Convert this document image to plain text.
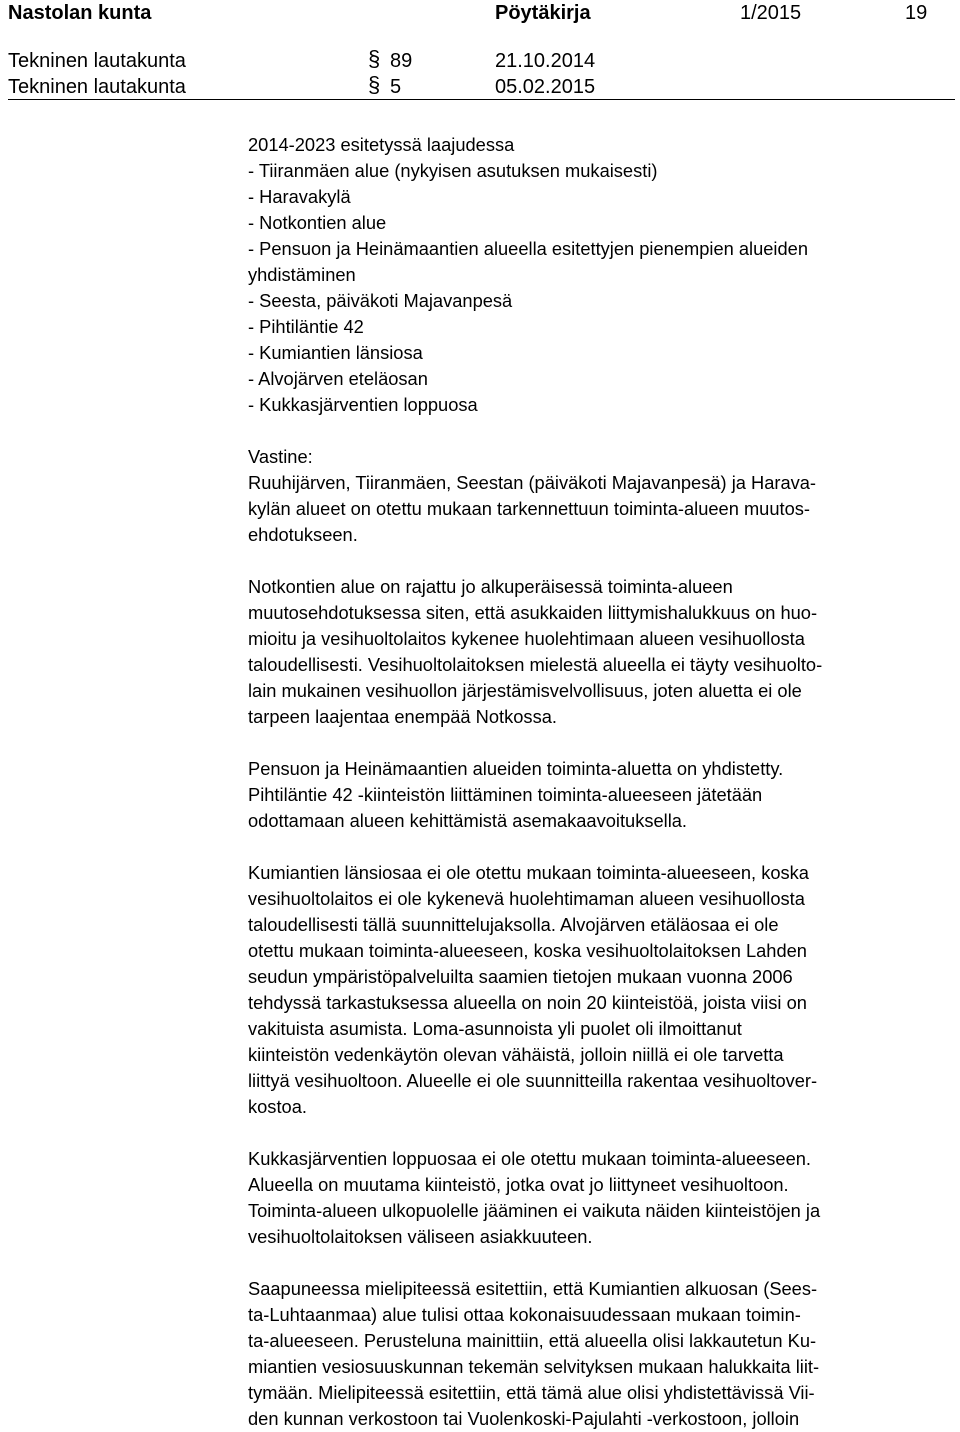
Nastolan kunta	Pöytäkirja	1/2015	19
Tekninen lautakunta	§ 89	21.10.2014
Tekninen lautakunta	§ 5	05.02.2015
2014-2023 esitetyssä laajudessa
- Tiiranmäen alue (nykyisen asutuksen mukaisesti)
- Haravakylä
- Notkontien alue
- Pensuon ja Heinämaantien alueella esitettyjen pienempien alueiden
yhdistäminen
- Seesta, päiväkoti Majavanpesä
- Pihtiläntie 42
- Kumiantien länsiosa
- Alvojärven eteläosan
- Kukkasjärventien loppuosa
Vastine:
Ruuhijärven, Tiiranmäen, Seestan (päiväkoti Majavanpesä) ja Harava-
kylän alueet on otettu mukaan tarkennettuun toiminta-alueen muutos-
ehdotukseen.
Notkontien alue on rajattu jo alkuperäisessä toiminta-alueen
muutosehdotuksessa siten, että asukkaiden liittymishalukkuus on huo-
mioitu ja vesihuoltolaitos kykenee huolehtimaan alueen vesihuollosta
taloudellisesti. Vesihuoltolaitoksen mielestä alueella ei täyty vesihuolto-
lain mukainen vesihuollon järjestämisvelvollisuus, joten aluetta ei ole
tarpeen laajentaa enempää Notkossa.
Pensuon ja Heinämaantien alueiden toiminta-aluetta on yhdistetty.
Pihtiläntie 42 -kiinteistön liittäminen toiminta-alueeseen jätetään
odottamaan alueen kehittämistä asemakaavoituksella.
Kumiantien länsiosaa ei ole otettu mukaan toiminta-alueeseen, koska
vesihuoltolaitos ei ole kykenevä huolehtimaman alueen vesihuollosta
taloudellisesti tällä suunnittelujaksolla. Alvojärven etäläosaa ei ole
otettu mukaan toiminta-alueeseen, koska vesihuoltolaitoksen Lahden
seudun ympäristöpalveluilta saamien tietojen mukaan vuonna 2006
tehdyssä tarkastuksessa alueella on noin 20 kiinteistöä, joista viisi on
vakituista asumista. Loma-asunnoista yli puolet oli ilmoittanut
kiinteistön vedenkäytön olevan vähäistä, jolloin niillä ei ole tarvetta
liittyä vesihuoltoon. Alueelle ei ole suunnitteilla rakentaa vesihuoltover-
kostoa.
Kukkasjärventien loppuosaa ei ole otettu mukaan toiminta-alueeseen.
Alueella on muutama kiinteistö, jotka ovat jo liittyneet vesihuoltoon.
Toiminta-alueen ulkopuolelle jääminen ei vaikuta näiden kiinteistöjen ja
vesihuoltolaitoksen väliseen asiakkuuteen.
Saapuneessa mielipiteessä esitettiin, että Kumiantien alkuosan (Sees-
ta-Luhtaanmaa) alue tulisi ottaa kokonaisuudessaan mukaan toimin-
ta-alueeseen. Perusteluna mainittiin, että alueella olisi lakkautetun Ku-
miantien vesiosuuskunnan tekemän selvityksen mukaan halukkaita liit-
tymään. Mielipiteessä esitettiin, että tämä alue olisi yhdistettävissä Vii-
den kunnan verkostoon tai Vuolenkoski-Pajulahti -verkostoon, jolloin
